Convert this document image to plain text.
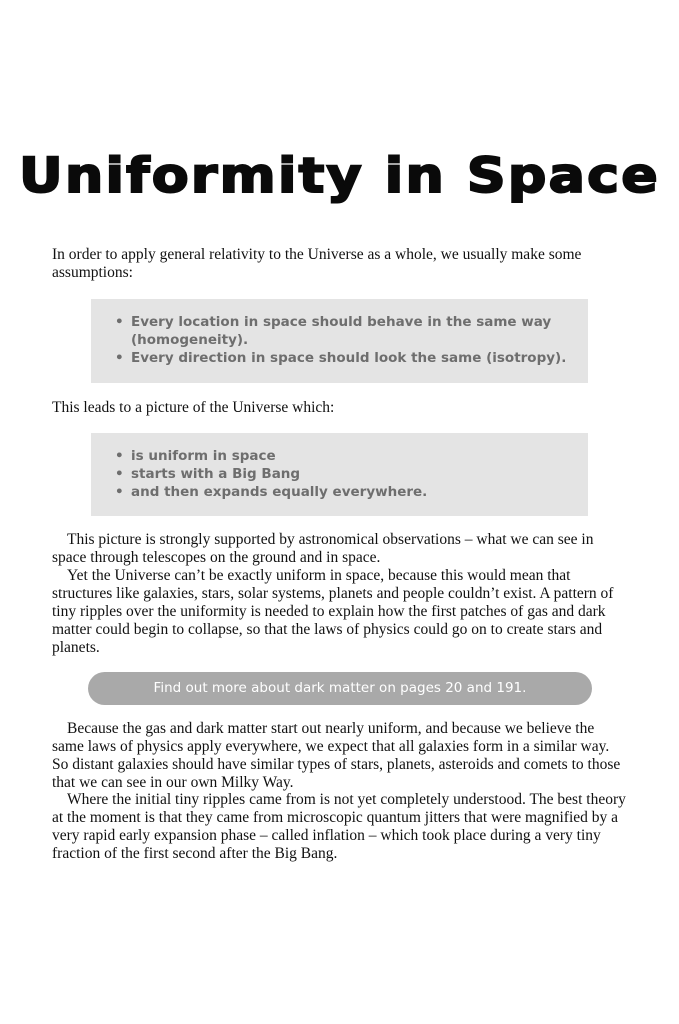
Uniformity in Space

In order to apply general relativity to the Universe as a whole, we usually make some assumptions:

• Every location in space should behave in the same way (homogeneity).
• Every direction in space should look the same (isotropy).

This leads to a picture of the Universe which:

• is uniform in space
• starts with a Big Bang
• and then expands equally everywhere.

This picture is strongly supported by astronomical observations – what we can see in space through telescopes on the ground and in space.

Yet the Universe can’t be exactly uniform in space, because this would mean that structures like galaxies, stars, solar systems, planets and people couldn’t exist. A pattern of tiny ripples over the uniformity is needed to explain how the first patches of gas and dark matter could begin to collapse, so that the laws of physics could go on to create stars and planets.

Find out more about dark matter on pages 20 and 191.

Because the gas and dark matter start out nearly uniform, and because we believe the same laws of physics apply everywhere, we expect that all galaxies form in a similar way. So distant galaxies should have similar types of stars, planets, asteroids and comets to those that we can see in our own Milky Way.

Where the initial tiny ripples came from is not yet completely understood. The best theory at the moment is that they came from microscopic quantum jitters that were magnified by a very rapid early expansion phase – called inflation – which took place during a very tiny fraction of the first second after the Big Bang.
